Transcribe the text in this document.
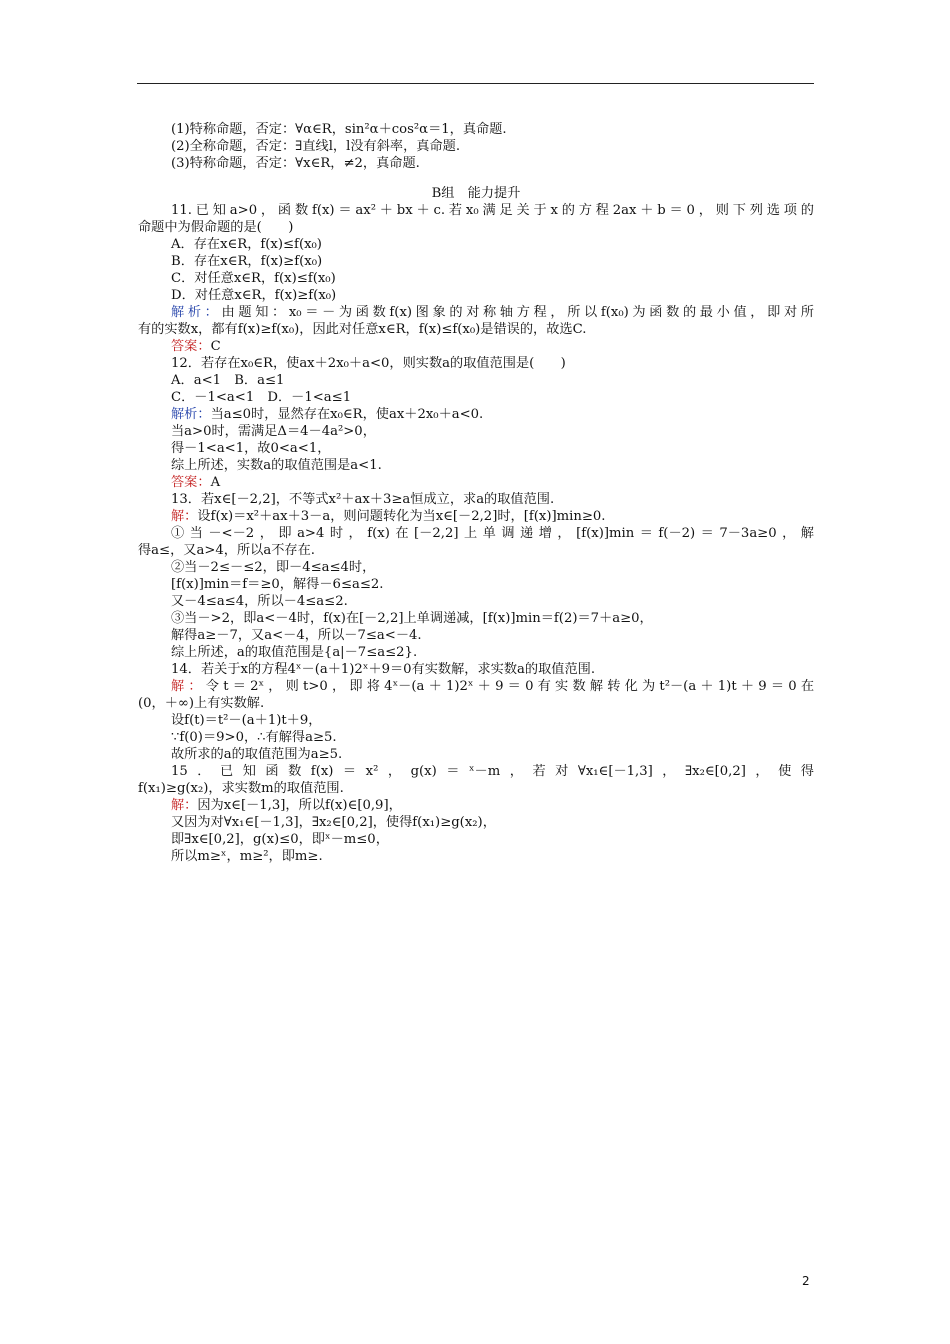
(1)特称命题，否定：∀α∈R，sin²α＋cos²α＝1，真命题.
(2)全称命题，否定：∃直线l，l没有斜率，真命题.
(3)特称命题，否定：∀x∈R，≠2，真命题.
B组　能力提升
11.已知a>0，函数f(x)＝ax²＋bx＋c.若x₀满足关于x的方程2ax＋b＝0，则下列选项的
命题中为假命题的是(　　)
A．存在x∈R，f(x)≤f(x₀)
B．存在x∈R，f(x)≥f(x₀)
C．对任意x∈R，f(x)≤f(x₀)
D．对任意x∈R，f(x)≥f(x₀)
解析：由题知：x₀＝－为函数f(x)图象的对称轴方程，所以f(x₀)为函数的最小值，即对所
有的实数x，都有f(x)≥f(x₀)，因此对任意x∈R，f(x)≤f(x₀)是错误的，故选C.
答案：C
12．若存在x₀∈R，使ax＋2x₀＋a<0，则实数a的取值范围是(　　)
A．a<1　B．a≤1
C．－1<a<1　D．－1<a≤1
解析：当a≤0时，显然存在x₀∈R，使ax＋2x₀＋a<0.
当a>0时，需满足Δ＝4－4a²>0，
得－1<a<1，故0<a<1，
综上所述，实数a的取值范围是a<1.
答案：A
13．若x∈[－2,2]，不等式x²＋ax＋3≥a恒成立，求a的取值范围.
解：设f(x)＝x²＋ax＋3－a，则问题转化为当x∈[－2,2]时，[f(x)]min≥0.
①当－<－2，即a>4时，f(x)在[－2,2]上单调递增，[f(x)]min＝f(－2)＝7－3a≥0，解
得a≤，又a>4，所以a不存在.
②当－2≤－≤2，即－4≤a≤4时，
[f(x)]min＝f＝≥0，解得－6≤a≤2.
又－4≤a≤4，所以－4≤a≤2.
③当－>2，即a<－4时，f(x)在[－2,2]上单调递减，[f(x)]min＝f(2)＝7＋a≥0，
解得a≥－7，又a<－4，所以－7≤a<－4.
综上所述，a的取值范围是{a|－7≤a≤2}.
14．若关于x的方程4ˣ－(a＋1)2ˣ＋9＝0有实数解，求实数a的取值范围.
解：令t＝2ˣ，则t>0，即将4ˣ－(a＋1)2ˣ＋9＝0有实数解转化为t²－(a＋1)t＋9＝0在
(0，＋∞)上有实数解.
设f(t)＝t²－(a＋1)t＋9，
∵f(0)＝9>0，∴有解得a≥5.
故所求的a的取值范围为a≥5.
15．已知函数f(x)＝x²，g(x)＝ˣ－m，若对∀x₁∈[－1,3]，∃x₂∈[0,2]，使得
f(x₁)≥g(x₂)，求实数m的取值范围.
解：因为x∈[－1,3]，所以f(x)∈[0,9]，
又因为对∀x₁∈[－1,3]，∃x₂∈[0,2]，使得f(x₁)≥g(x₂)，
即∃x∈[0,2]，g(x)≤0，即ˣ－m≤0，
所以m≥ˣ，m≥²，即m≥.
2
